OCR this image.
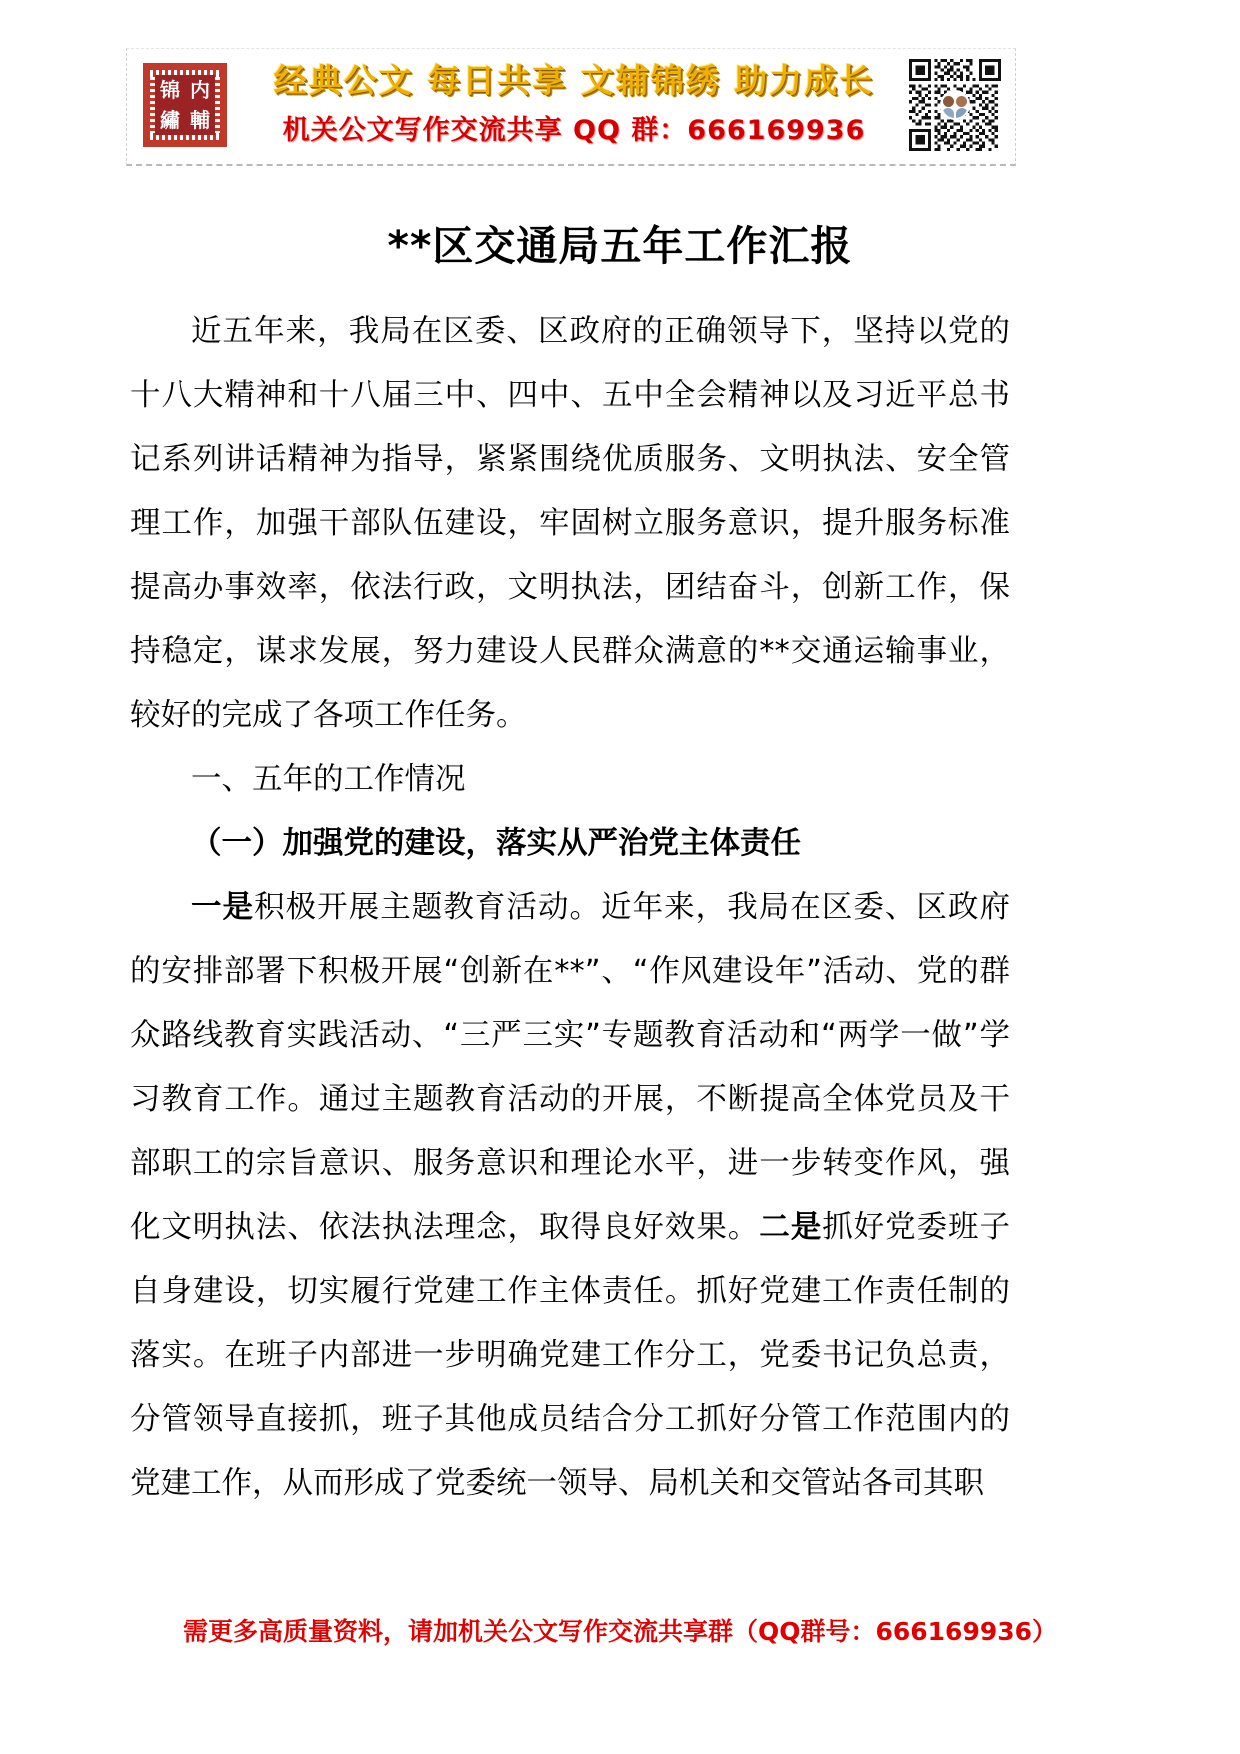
锦 内
繡 輔
经典公文 每日共享 文辅锦绣 助力成长
机关公文写作交流共享 QQ 群：666169936
**区交通局五年工作汇报

近五年来，我局在区委、区政府的正确领导下，坚持以党的十八大精神和十八届三中、四中、五中全会精神以及习近平总书记系列讲话精神为指导，紧紧围绕优质服务、文明执法、安全管理工作，加强干部队伍建设，牢固树立服务意识，提升服务标准提高办事效率，依法行政，文明执法，团结奋斗，创新工作，保持稳定，谋求发展，努力建设人民群众满意的**交通运输事业，较好的完成了各项工作任务。

一、五年的工作情况

（一）加强党的建设，落实从严治党主体责任

一是积极开展主题教育活动。近年来，我局在区委、区政府的安排部署下积极开展“创新在**”、“作风建设年”活动、党的群众路线教育实践活动、“三严三实”专题教育活动和“两学一做”学习教育工作。通过主题教育活动的开展，不断提高全体党员及干部职工的宗旨意识、服务意识和理论水平，进一步转变作风，强化文明执法、依法执法理念，取得良好效果。二是抓好党委班子自身建设，切实履行党建工作主体责任。抓好党建工作责任制的落实。在班子内部进一步明确党建工作分工，党委书记负总责，分管领导直接抓，班子其他成员结合分工抓好分管工作范围内的党建工作，从而形成了党委统一领导、局机关和交管站各司其职

需更多高质量资料，请加机关公文写作交流共享群（QQ群号：666169936）
